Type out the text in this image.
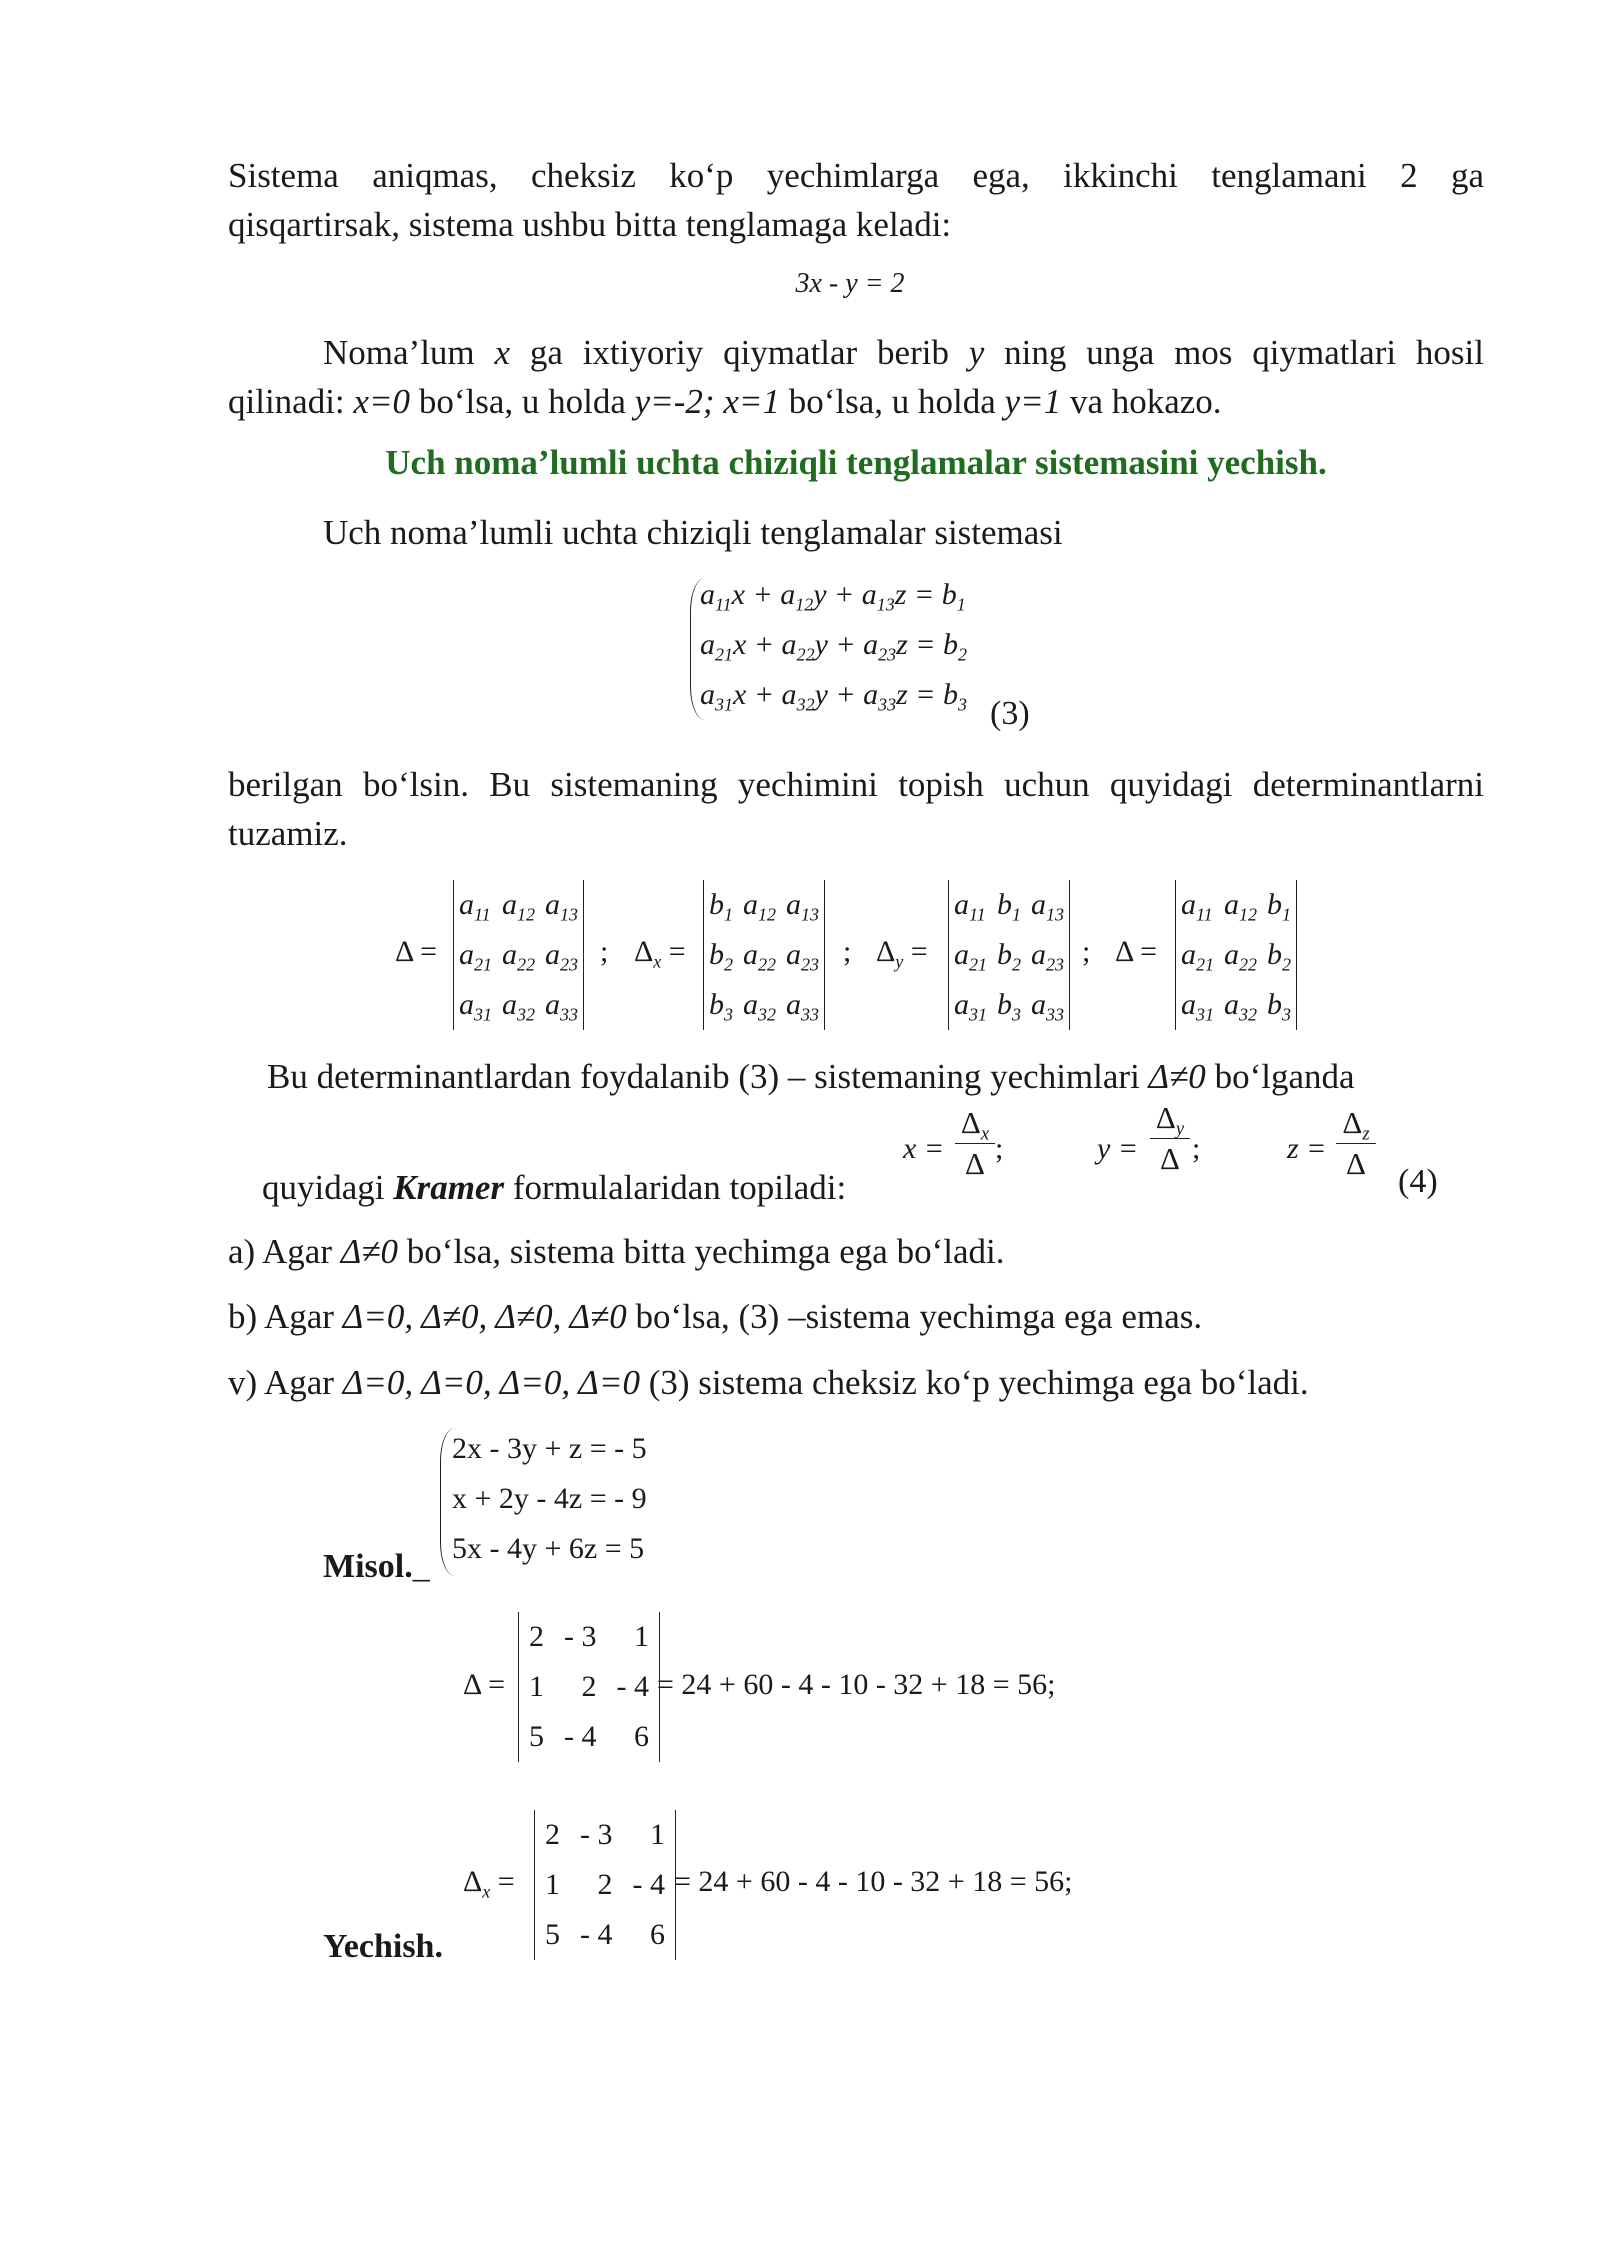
Sistema aniqmas, cheksiz ko‘p yechimlarga ega, ikkinchi tenglamani 2 ga
qisqartirsak, sistema ushbu bitta tenglamaga keladi:
3x - y = 2
Noma’lum x ga ixtiyoriy qiymatlar berib y ning unga mos qiymatlari hosil
qilinadi: x=0 bo‘lsa, u holda y=-2; x=1 bo‘lsa, u holda y=1 va hokazo.
Uch noma’lumli uchta chiziqli tenglamalar sistemasini yechish.
Uch noma’lumli uchta chiziqli tenglamalar sistemasi
$a_{11}x + a_{12}y + a_{13}z = b_1$
$a_{21}x + a_{22}y + a_{23}z = b_2$
$a_{31}x + a_{32}y + a_{33}z = b_3$ (3)
berilgan bo‘lsin. Bu sistemaning yechimini topish uchun quyidagi determinantlarni
tuzamiz.
Δ =
$a_{11}$	$a_{12}$	$a_{13}$
$a_{21}$	$a_{22}$	$a_{23}$
$a_{31}$	$a_{32}$	$a_{33}$
; $\Delta_x$ =
$b_1$	$a_{12}$	$a_{13}$
$b_2$	$a_{22}$	$a_{23}$
$b_3$	$a_{32}$	$a_{33}$
; $\Delta_y$ =
$a_{11}$	$b_1$	$a_{13}$
$a_{21}$	$b_2$	$a_{23}$
$a_{31}$	$b_3$	$a_{33}$
; Δ =
$a_{11}$	$a_{12}$	$b_1$
$a_{21}$	$a_{22}$	$b_2$
$a_{31}$	$a_{32}$	$b_3$
Bu determinantlardan foydalanib (3) – sistemaning yechimlari Δ≠0 bo‘lganda
quyidagi Kramer formulalaridan topiladi:
x =
$\Delta_x$
Δ ;	y =
$\Delta_y$
Δ ;	z =
$\Delta_z$
Δ (4)
a) Agar Δ≠0 bo‘lsa, sistema bitta yechimga ega bo‘ladi.
b) Agar Δ=0, Δ≠0, Δ≠0, Δ≠0 bo‘lsa, (3) –sistema yechimga ega emas.
v) Agar Δ=0, Δ=0, Δ=0, Δ=0 (3) sistema cheksiz ko‘p yechimga ega bo‘ladi.
2x - 3y + z = - 5
x + 2y - 4z = - 9
5x - 4y + 6z = 5
Misol._
Δ =
2	- 3	1
1	2	- 4
5	- 4	6
= 24 + 60 - 4 - 10 - 32 + 18 = 56;
$\Delta_x$ =
2	- 3	1
1	2	- 4
5	- 4	6
= 24 + 60 - 4 - 10 - 32 + 18 = 56;
Yechish.
